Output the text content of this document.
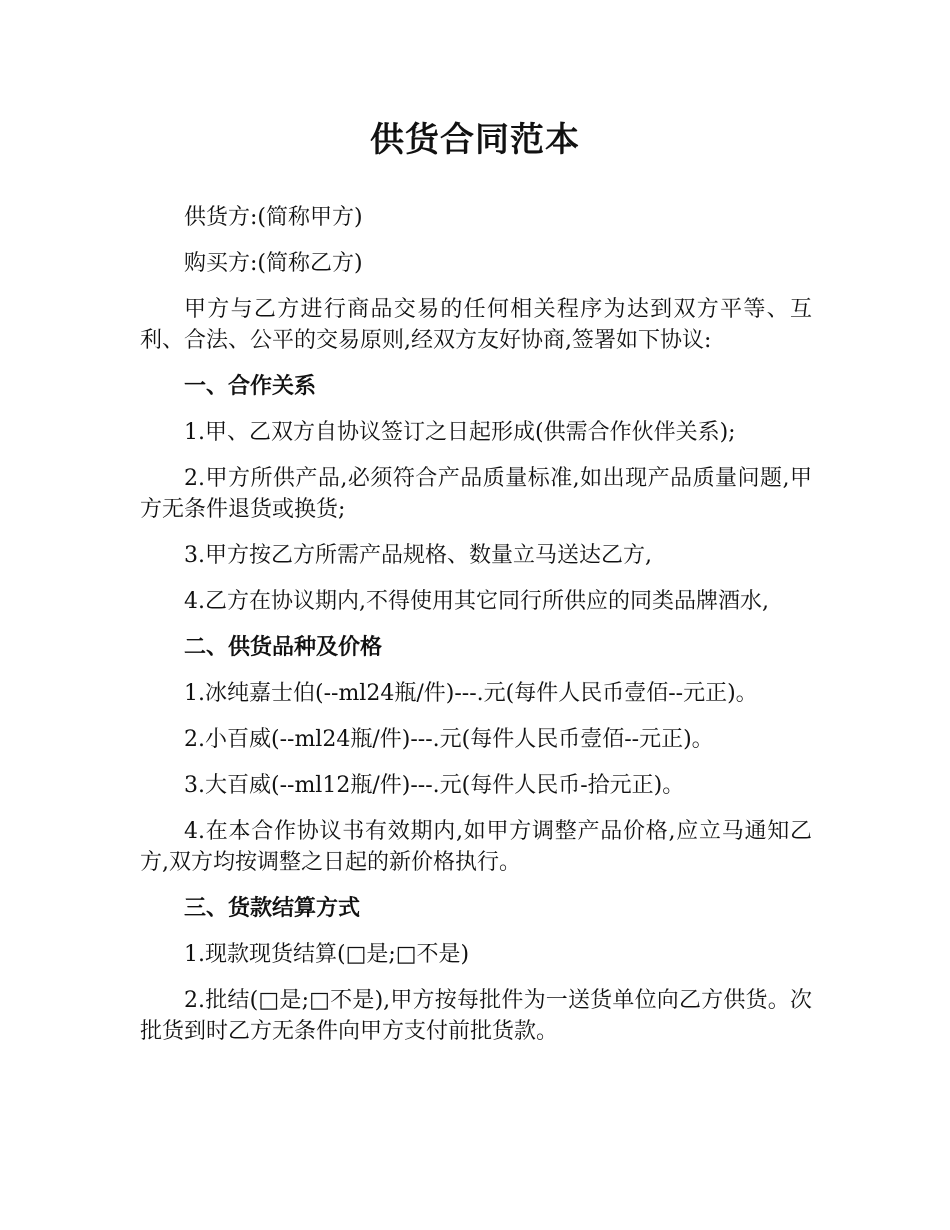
供货合同范本

供货方:(简称甲方)

购买方:(简称乙方)

甲方与乙方进行商品交易的任何相关程序为达到双方平等、互利、合法、公平的交易原则,经双方友好协商,签署如下协议:

一、合作关系

1.甲、乙双方自协议签订之日起形成(供需合作伙伴关系);

2.甲方所供产品,必须符合产品质量标准,如出现产品质量问题,甲方无条件退货或换货;

3.甲方按乙方所需产品规格、数量立马送达乙方,

4.乙方在协议期内,不得使用其它同行所供应的同类品牌酒水,

二、供货品种及价格

1.冰纯嘉士伯(--ml24瓶/件)---.元(每件人民币壹佰--元正)。

2.小百威(--ml24瓶/件)---.元(每件人民币壹佰--元正)。

3.大百威(--ml12瓶/件)---.元(每件人民币-拾元正)。

4.在本合作协议书有效期内,如甲方调整产品价格,应立马通知乙方,双方均按调整之日起的新价格执行。

三、货款结算方式

1.现款现货结算(□是;□不是)

2.批结(□是;□不是),甲方按每批件为一送货单位向乙方供货。次批货到时乙方无条件向甲方支付前批货款。
